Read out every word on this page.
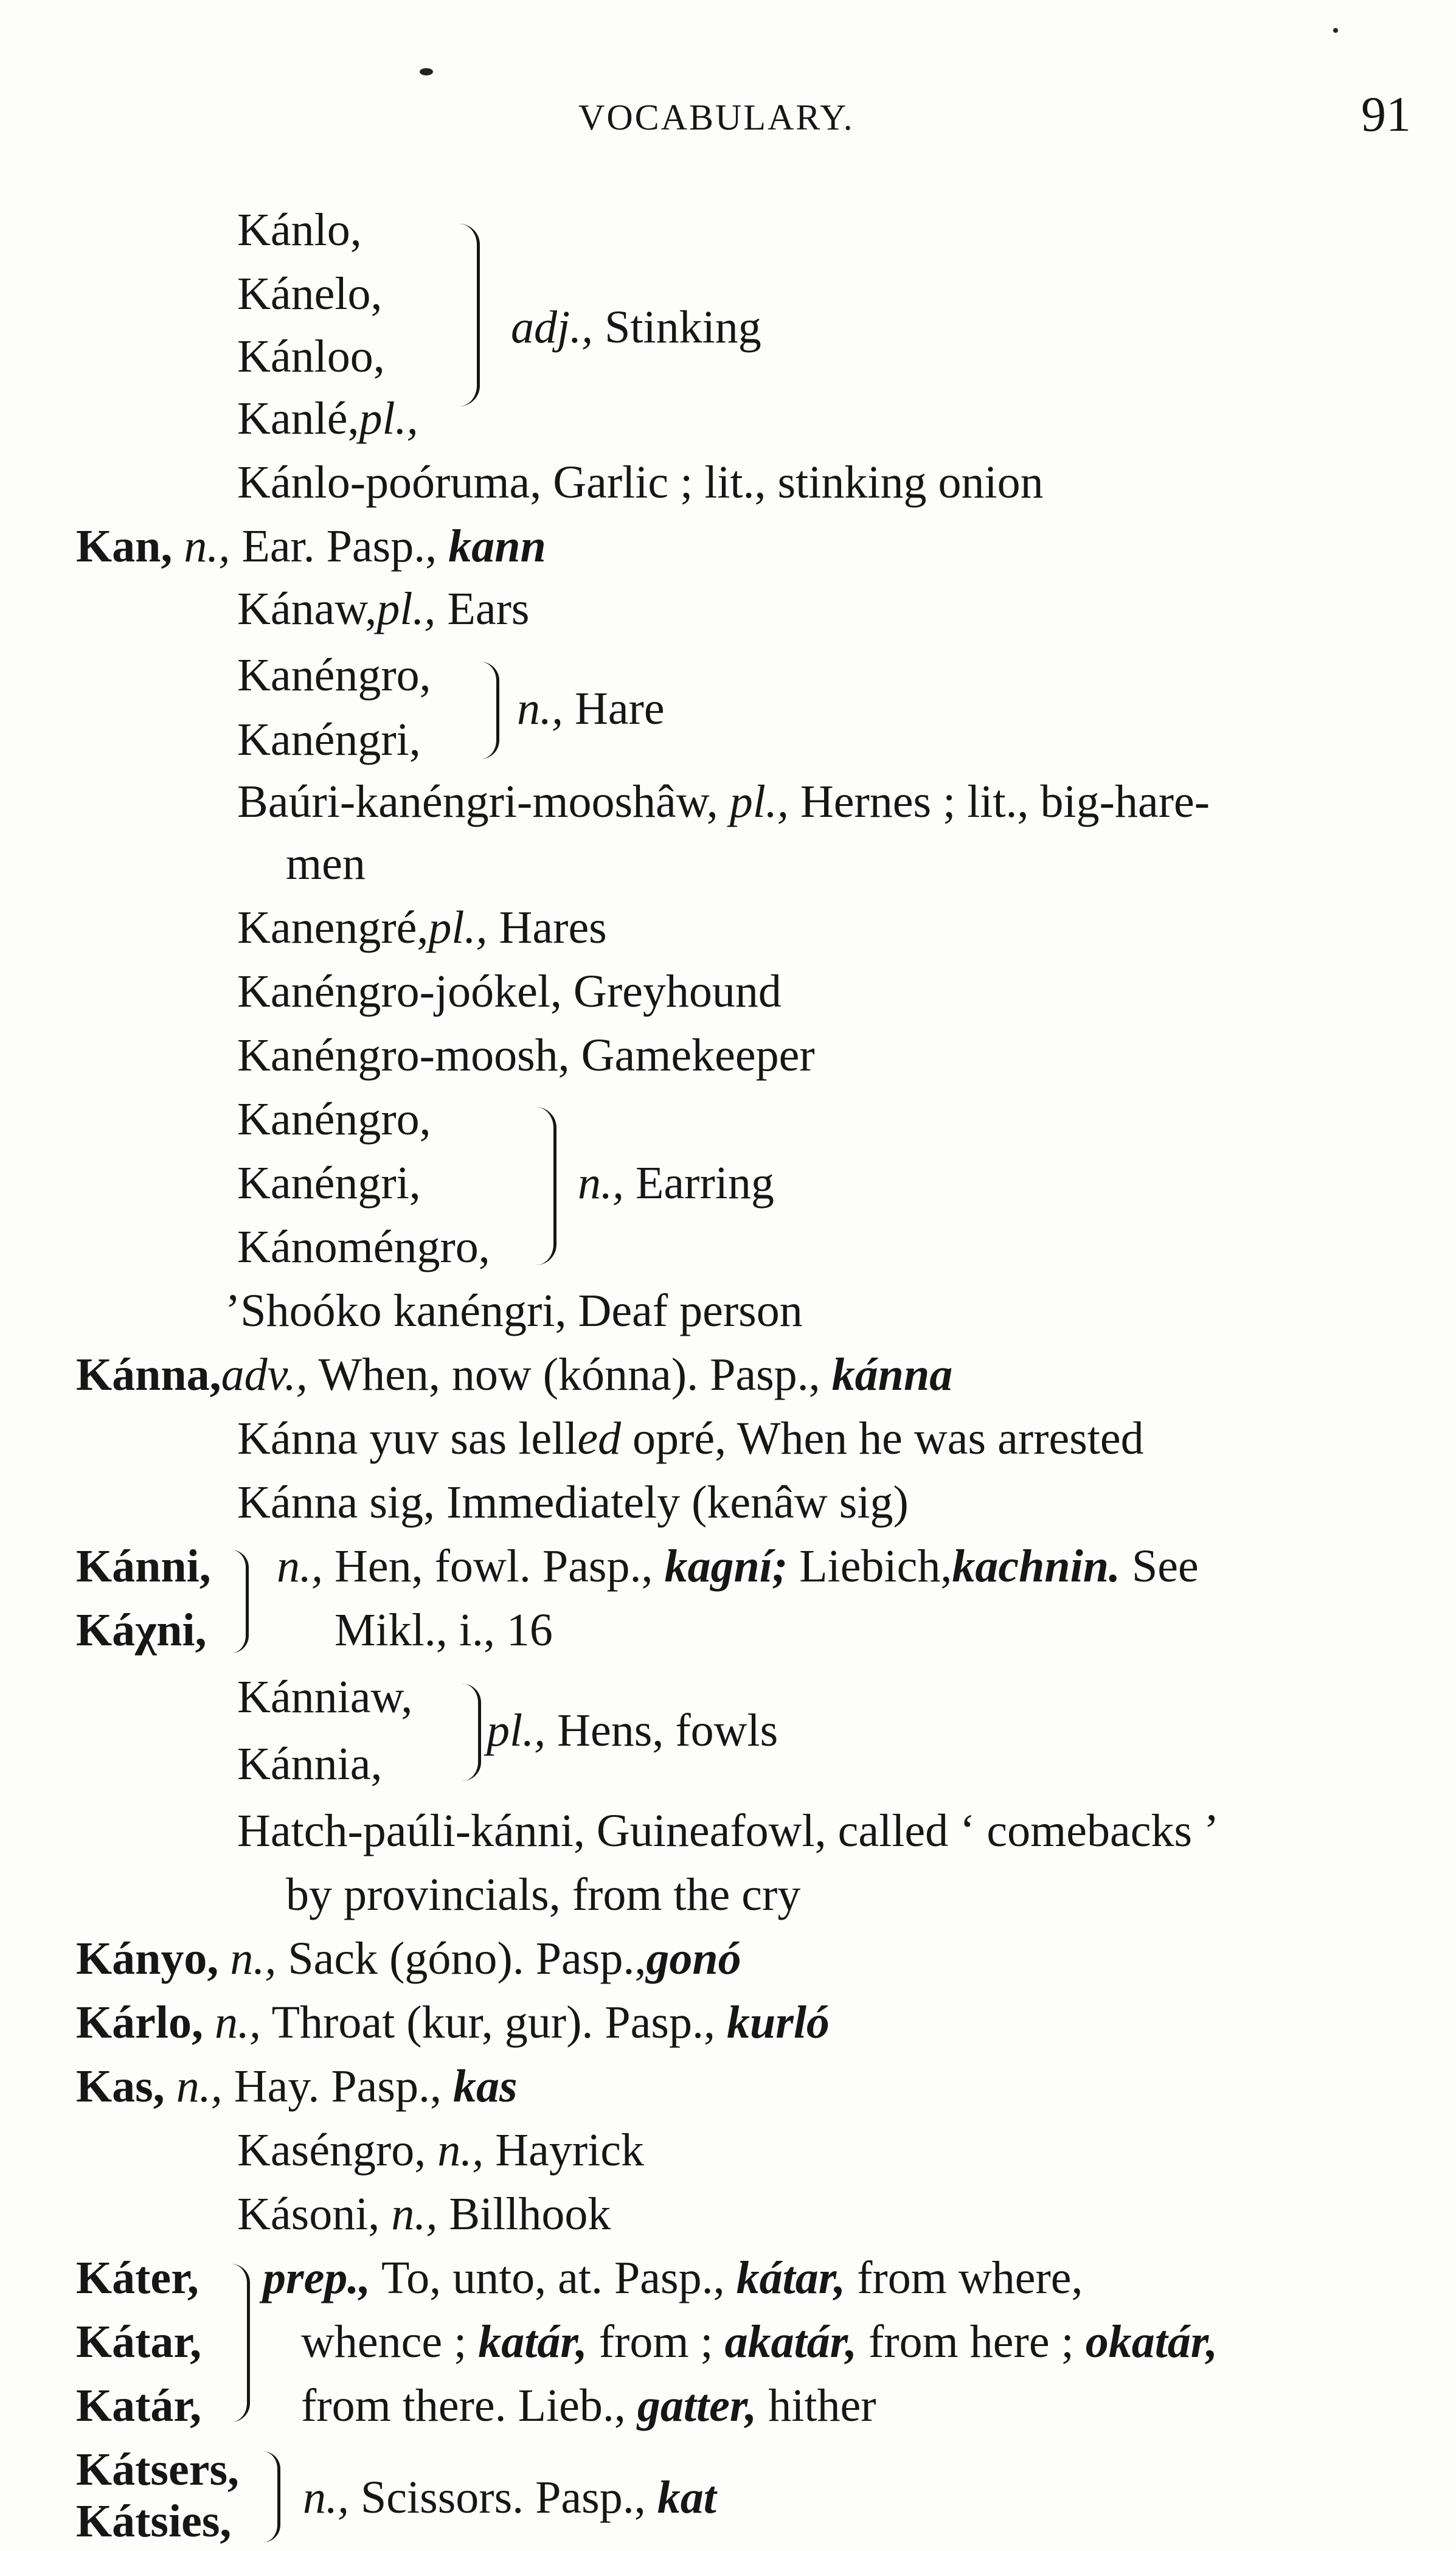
VOCABULARY.	91
Kánlo,
Kánelo,
Kánloo,
Kanlé,pl.,
adj., Stinking
Kánlo-poóruma, Garlic ; lit., stinking onion
Kan, n., Ear. Pasp., kann
Kánaw,pl., Ears
Kanéngro,
Kanéngri,
n., Hare
Baúri-kanéngri-mooshâw, pl., Hernes ; lit., big-hare-
men
Kanengré,pl., Hares
Kanéngro-joókel, Greyhound
Kanéngro-moosh, Gamekeeper
Kanéngro,
Kanéngri,
Kánoméngro,
n., Earring
’Shoóko kanéngri, Deaf person
Kánna,adv., When, now (kónna). Pasp., kánna
Kánna yuv sas lelled opré, When he was arrested
Kánna sig, Immediately (kenâw sig)
Kánni,
Káχni,
n., Hen, fowl. Pasp., kagní; Liebich,kachnin. See
Mikl., i., 16
Kánniaw,
Kánnia,
pl., Hens, fowls
Hatch-paúli-kánni, Guineafowl, called ‘ comebacks ’
by provincials, from the cry
Kányo, n., Sack (góno). Pasp.,gonó
Kárlo, n., Throat (kur, gur). Pasp., kurló
Kas, n., Hay. Pasp., kas
Kaséngro, n., Hayrick
Kásoni, n., Billhook
Káter,
Kátar,
Katár,
prep., To, unto, at. Pasp., kátar, from where,
whence ; katár, from ; akatár, from here ; okatár,
from there. Lieb., gatter, hither
Kátsers,
Kátsies, n., Scissors. Pasp., kat
